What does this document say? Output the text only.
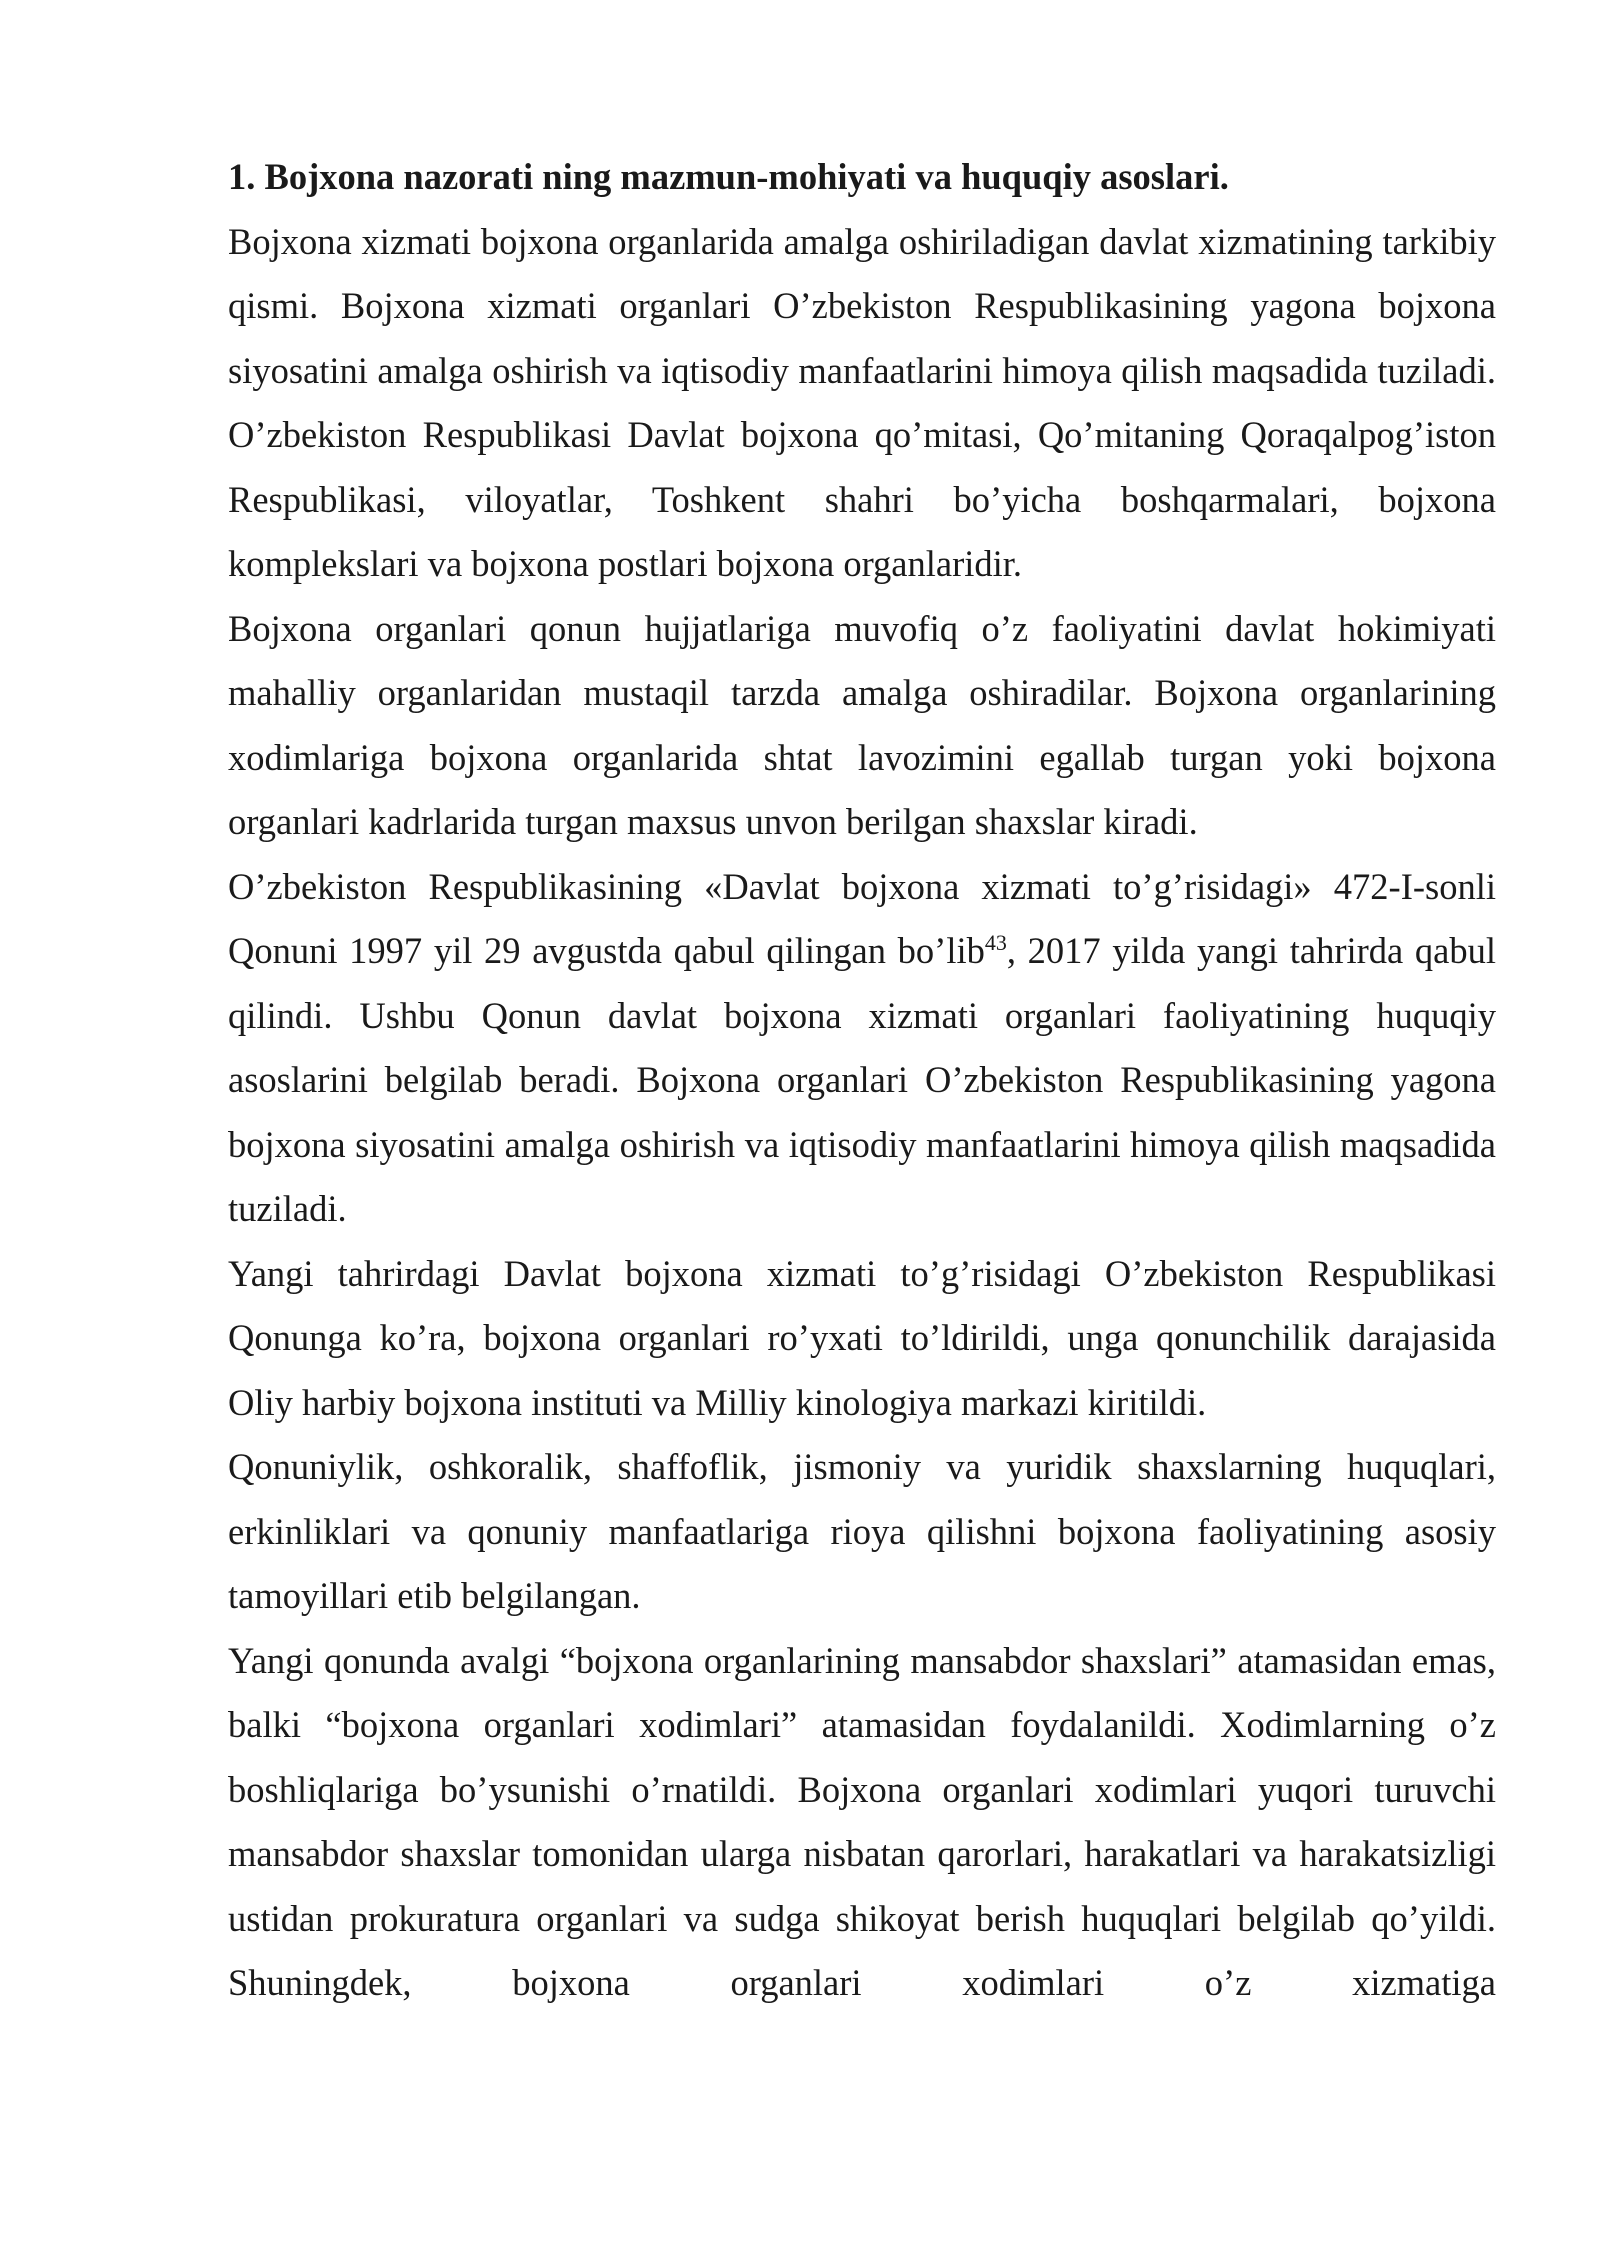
1. Bojxona nazorati ning mazmun-mohiyati va huquqiy asoslari.

Bojxona xizmati bojxona organlarida amalga oshiriladigan davlat xizmatining tarkibiy qismi. Bojxona xizmati organlari O’zbekiston Respublikasining yagona bojxona siyosatini amalga oshirish va iqtisodiy manfaatlarini himoya qilish maqsadida tuziladi. O’zbekiston Respublikasi Davlat bojxona qo’mitasi, Qo’mitaning Qoraqalpog’iston Respublikasi, viloyatlar, Toshkent shahri bo’yicha boshqarmalari, bojxona komplekslari va bojxona postlari bojxona organlaridir.

Bojxona organlari qonun hujjatlariga muvofiq o’z faoliyatini davlat hokimiyati mahalliy organlaridan mustaqil tarzda amalga oshiradilar. Bojxona organlarining xodimlariga bojxona organlarida shtat lavozimini egallab turgan yoki bojxona organlari kadrlarida turgan maxsus unvon berilgan shaxslar kiradi.

O’zbekiston Respublikasining «Davlat bojxona xizmati to’g’risidagi» 472-I-sonli Qonuni 1997 yil 29 avgustda qabul qilingan bo’lib$^{43}$, 2017 yilda yangi tahrirda qabul qilindi. Ushbu Qonun davlat bojxona xizmati organlari faoliyatining huquqiy asoslarini belgilab beradi. Bojxona organlari O’zbekiston Respublikasining yagona bojxona siyosatini amalga oshirish va iqtisodiy manfaatlarini himoya qilish maqsadida tuziladi.

Yangi tahrirdagi Davlat bojxona xizmati to’g’risidagi O’zbekiston Respublikasi Qonunga ko’ra, bojxona organlari ro’yxati to’ldirildi, unga qonunchilik darajasida Oliy harbiy bojxona instituti va Milliy kinologiya markazi kiritildi.

Qonuniylik, oshkoralik, shaffoflik, jismoniy va yuridik shaxslarning huquqlari, erkinliklari va qonuniy manfaatlariga rioya qilishni bojxona faoliyatining asosiy tamoyillari etib belgilangan.

Yangi qonunda avalgi “bojxona organlarining mansabdor shaxslari” atamasidan emas, balki “bojxona organlari xodimlari” atamasidan foydalanildi. Xodimlarning o’z boshliqlariga bo’ysunishi o’rnatildi. Bojxona organlari xodimlari yuqori turuvchi mansabdor shaxslar tomonidan ularga nisbatan qarorlari, harakatlari va harakatsizligi ustidan prokuratura organlari va sudga shikoyat berish huquqlari belgilab qo’yildi. Shuningdek, bojxona organlari xodimlari o’z xizmatiga
